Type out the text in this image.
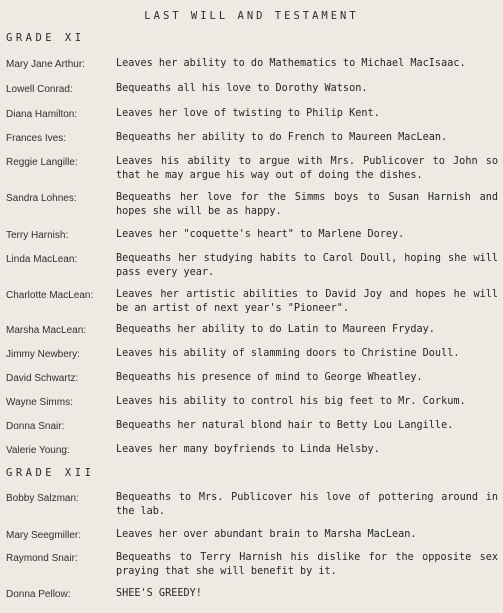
LAST WILL AND TESTAMENT
GRADE XI
Mary Jane Arthur:	Leaves her ability to do Mathematics to Michael MacIsaac.
Lowell Conrad:	Bequeaths all his love to Dorothy Watson.
Diana Hamilton:	Leaves her love of twisting to Philip Kent.
Frances Ives:	Bequeaths her ability to do French to Maureen MacLean.
Reggie Langille:	Leaves his ability to argue with Mrs. Publicover to John so that he may argue his way out of doing the dishes.
Sandra Lohnes:	Bequeaths her love for the Simms boys to Susan Harnish and hopes she will be as happy.
Terry Harnish:	Leaves her "coquette's heart" to Marlene Dorey.
Linda MacLean:	Bequeaths her studying habits to Carol Doull, hoping she will pass every year.
Charlotte MacLean:	Leaves her artistic abilities to David Joy and hopes he will be an artist of next year's "Pioneer".
Marsha MacLean:	Bequeaths her ability to do Latin to Maureen Fryday.
Jimmy Newbery:	Leaves his ability of slamming doors to Christine Doull.
David Schwartz:	Bequeaths his presence of mind to George Wheatley.
Wayne Simms:	Leaves his ability to control his big feet to Mr. Corkum.
Donna Snair:	Bequeaths her natural blond hair to Betty Lou Langille.
Valerie Young:	Leaves her many boyfriends to Linda Helsby.
GRADE XII
Bobby Salzman:	Bequeaths to Mrs. Publicover his love of pottering around in the lab.
Mary Seegmiller:	Leaves her over abundant brain to Marsha MacLean.
Raymond Snair:	Bequeaths to Terry Harnish his dislike for the opposite sex praying that she will benefit by it.
Donna Pellow:	SHEE'S GREEDY!
